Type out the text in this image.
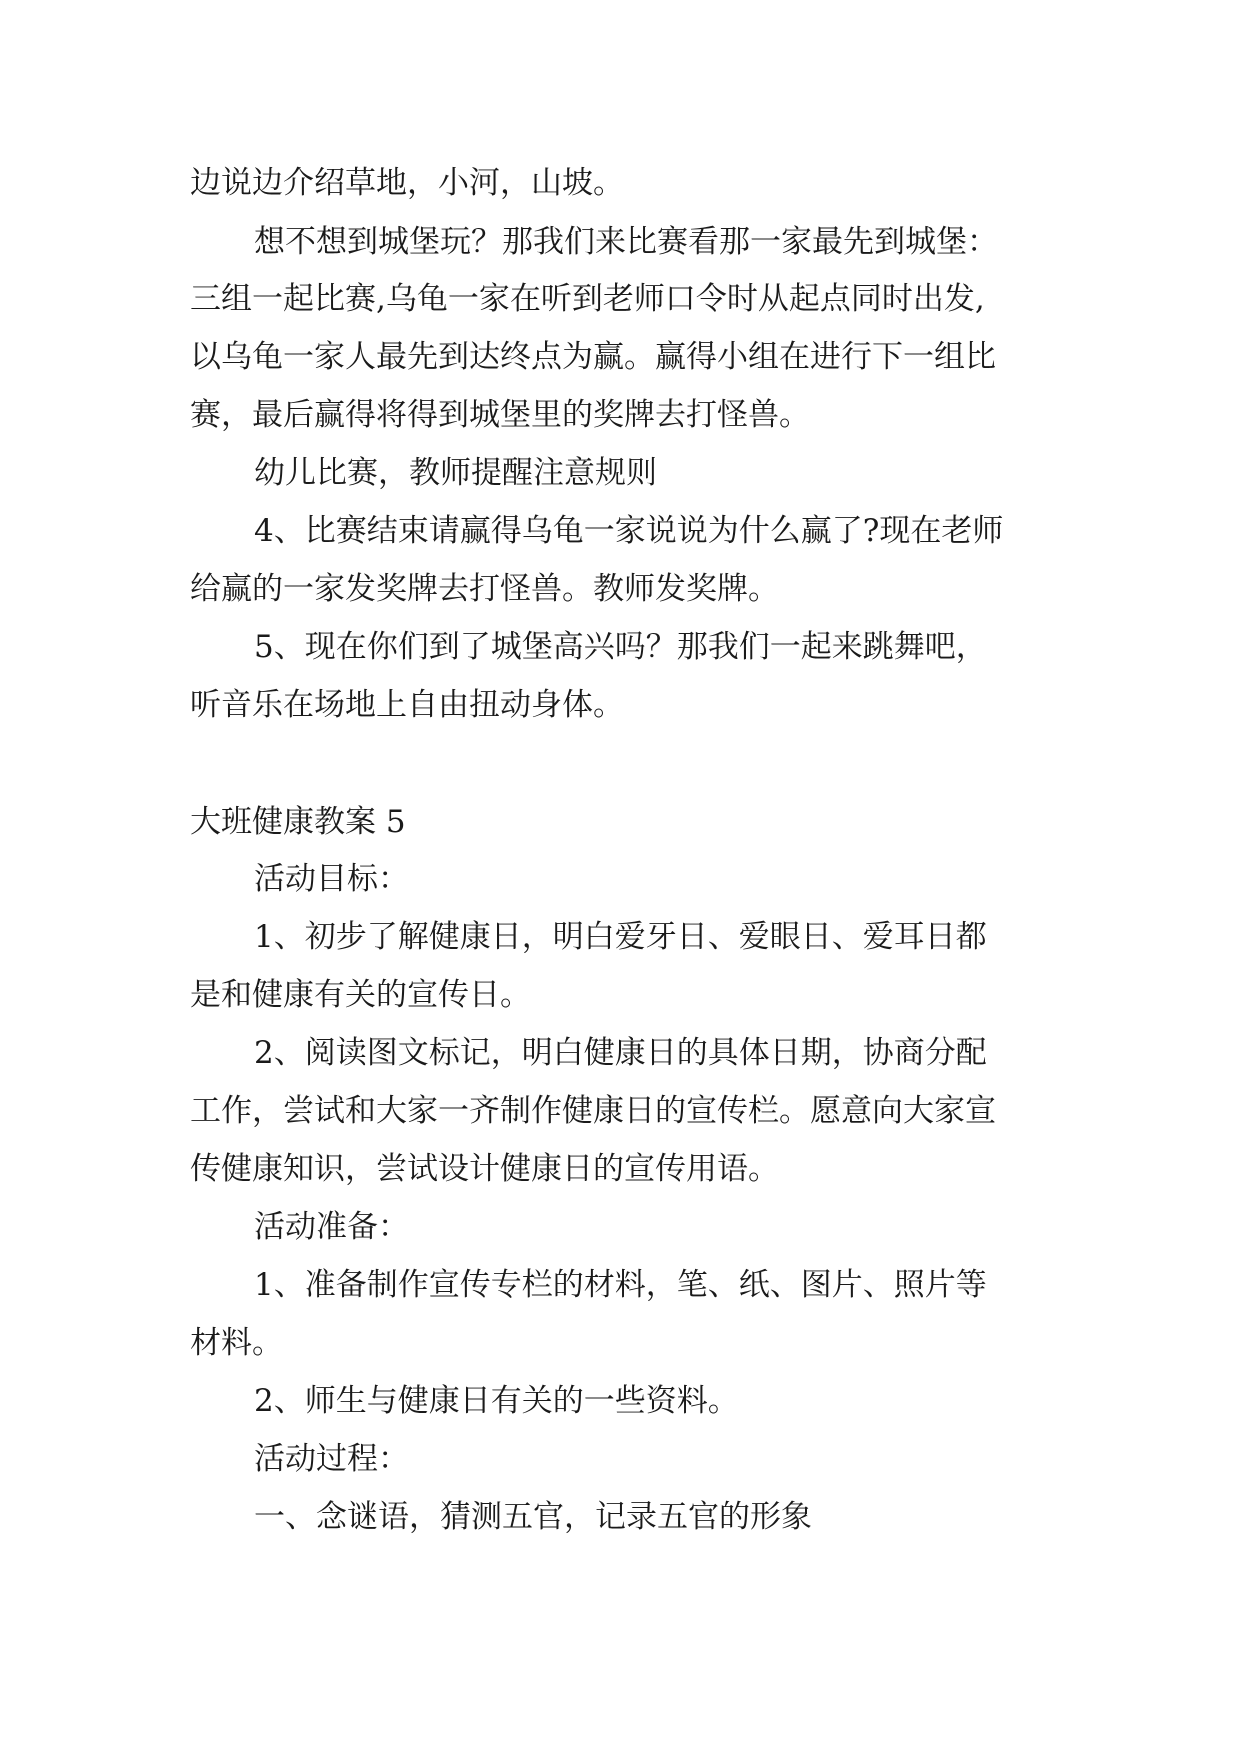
边说边介绍草地，小河，山坡。
想不想到城堡玩？那我们来比赛看那一家最先到城堡：
三组一起比赛,乌龟一家在听到老师口令时从起点同时出发,
以乌龟一家人最先到达终点为赢。赢得小组在进行下一组比
赛，最后赢得将得到城堡里的奖牌去打怪兽。
幼儿比赛，教师提醒注意规则
4、比赛结束请赢得乌龟一家说说为什么赢了?现在老师
给赢的一家发奖牌去打怪兽。教师发奖牌。
5、现在你们到了城堡高兴吗？那我们一起来跳舞吧，
听音乐在场地上自由扭动身体。
大班健康教案 5
活动目标：
1、初步了解健康日，明白爱牙日、爱眼日、爱耳日都
是和健康有关的宣传日。
2、阅读图文标记，明白健康日的具体日期，协商分配
工作，尝试和大家一齐制作健康日的宣传栏。愿意向大家宣
传健康知识，尝试设计健康日的宣传用语。
活动准备：
1、准备制作宣传专栏的材料，笔、纸、图片、照片等
材料。
2、师生与健康日有关的一些资料。
活动过程：
一、念谜语，猜测五官，记录五官的形象
